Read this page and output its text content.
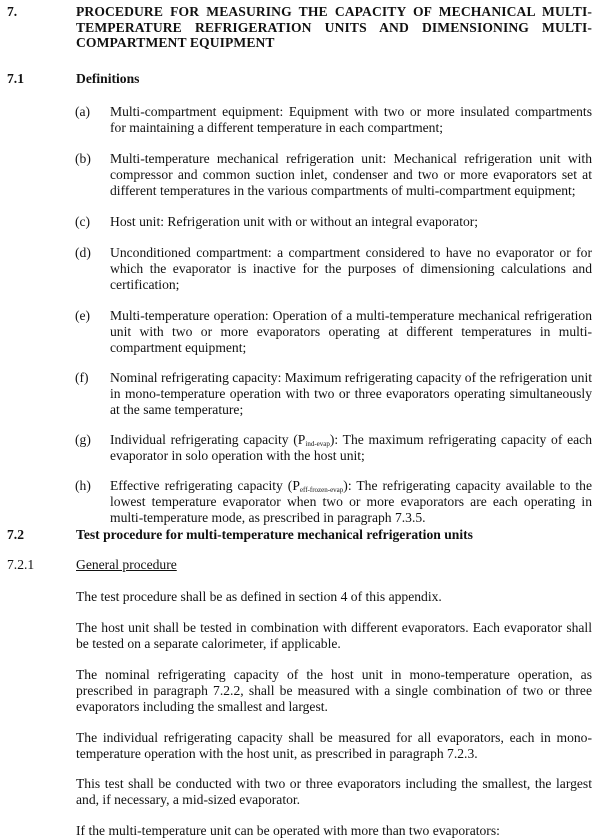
7.	PROCEDURE FOR MEASURING THE CAPACITY OF MECHANICAL MULTI-TEMPERATURE REFRIGERATION UNITS AND DIMENSIONING MULTI-COMPARTMENT EQUIPMENT
7.1	Definitions
(a) Multi-compartment equipment: Equipment with two or more insulated compartments for maintaining a different temperature in each compartment;
(b) Multi-temperature mechanical refrigeration unit: Mechanical refrigeration unit with compressor and common suction inlet, condenser and two or more evaporators set at different temperatures in the various compartments of multi-compartment equipment;
(c) Host unit: Refrigeration unit with or without an integral evaporator;
(d) Unconditioned compartment: a compartment considered to have no evaporator or for which the evaporator is inactive for the purposes of dimensioning calculations and certification;
(e) Multi-temperature operation: Operation of a multi-temperature mechanical refrigeration unit with two or more evaporators operating at different temperatures in multi-compartment equipment;
(f) Nominal refrigerating capacity: Maximum refrigerating capacity of the refrigeration unit in mono-temperature operation with two or three evaporators operating simultaneously at the same temperature;
(g) Individual refrigerating capacity $(P_{ind-evap})$: The maximum refrigerating capacity of each evaporator in solo operation with the host unit;
(h) Effective refrigerating capacity $(P_{eff-frozen-evap})$: The refrigerating capacity available to the lowest temperature evaporator when two or more evaporators are each operating in multi-temperature mode, as prescribed in paragraph 7.3.5.
7.2	Test procedure for multi-temperature mechanical refrigeration units
7.2.1	General procedure
The test procedure shall be as defined in section 4 of this appendix.
The host unit shall be tested in combination with different evaporators. Each evaporator shall be tested on a separate calorimeter, if applicable.
The nominal refrigerating capacity of the host unit in mono-temperature operation, as prescribed in paragraph 7.2.2, shall be measured with a single combination of two or three evaporators including the smallest and largest.
The individual refrigerating capacity shall be measured for all evaporators, each in mono-temperature operation with the host unit, as prescribed in paragraph 7.2.3.
This test shall be conducted with two or three evaporators including the smallest, the largest and, if necessary, a mid-sized evaporator.
If the multi-temperature unit can be operated with more than two evaporators:
